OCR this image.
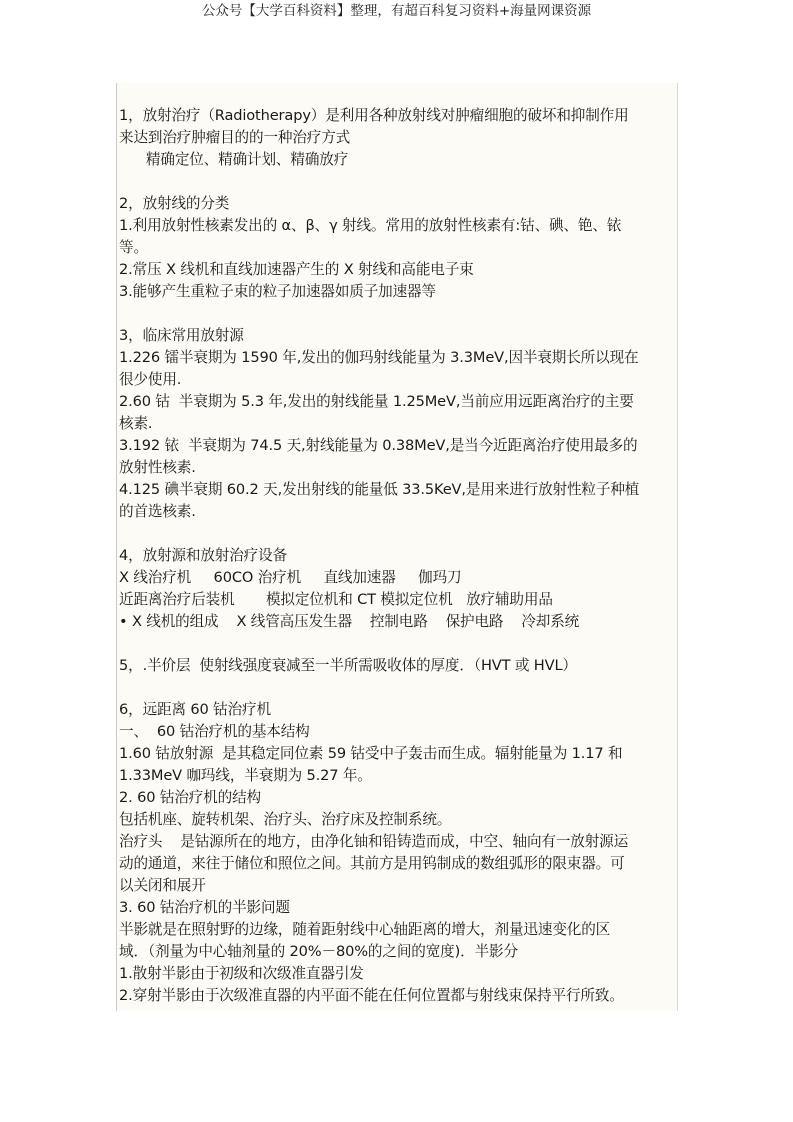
公众号【大学百科资料】整理，有超百科复习资料+海量网课资源
1，放射治疗（Radiotherapy）是利用各种放射线对肿瘤细胞的破坏和抑制作用
来达到治疗肿瘤目的的一种治疗方式
精确定位、精确计划、精确放疗
2，放射线的分类
1.利用放射性核素发出的 α、β、γ 射线。常用的放射性核素有:钴、碘、铯、铱
等。
2.常压 X 线机和直线加速器产生的 X 射线和高能电子束
3.能够产生重粒子束的粒子加速器如质子加速器等
3，临床常用放射源
1.226 镭半衰期为 1590 年,发出的伽玛射线能量为 3.3MeV,因半衰期长所以现在
很少使用.
2.60 钴  半衰期为 5.3 年,发出的射线能量 1.25MeV,当前应用远距离治疗的主要
核素.
3.192 铱  半衰期为 74.5 天,射线能量为 0.38MeV,是当今近距离治疗使用最多的
放射性核素.
4.125 碘半衰期 60.2 天,发出射线的能量低 33.5KeV,是用来进行放射性粒子种植
的首选核素.
4，放射源和放射治疗设备
X 线治疗机     60CO 治疗机     直线加速器     伽玛刀
近距离治疗后装机       模拟定位机和 CT 模拟定位机   放疗辅助用品
• X 线机的组成    X 线管高压发生器    控制电路    保护电路    冷却系统
5，.半价层  使射线强度衰减至一半所需吸收体的厚度．（HVT 或 HVL）
6，远距离 60 钴治疗机
一、  60 钴治疗机的基本结构
1.60 钴放射源  是其稳定同位素 59 钴受中子轰击而生成。辐射能量为 1.17 和
1.33MeV 咖玛线，半衰期为 5.27 年。
2. 60 钴治疗机的结构
包括机座、旋转机架、治疗头、治疗床及控制系统。
治疗头    是钴源所在的地方，由净化铀和铅铸造而成，中空、轴向有一放射源运
动的通道，来往于储位和照位之间。其前方是用钨制成的数组弧形的限束器。可
以关闭和展开
3. 60 钴治疗机的半影问题
半影就是在照射野的边缘，随着距射线中心轴距离的增大，剂量迅速变化的区
域．（剂量为中心轴剂量的 20%－80%的之间的宽度)．半影分
1.散射半影由于初级和次级准直器引发
2.穿射半影由于次级准直器的内平面不能在任何位置都与射线束保持平行所致。
